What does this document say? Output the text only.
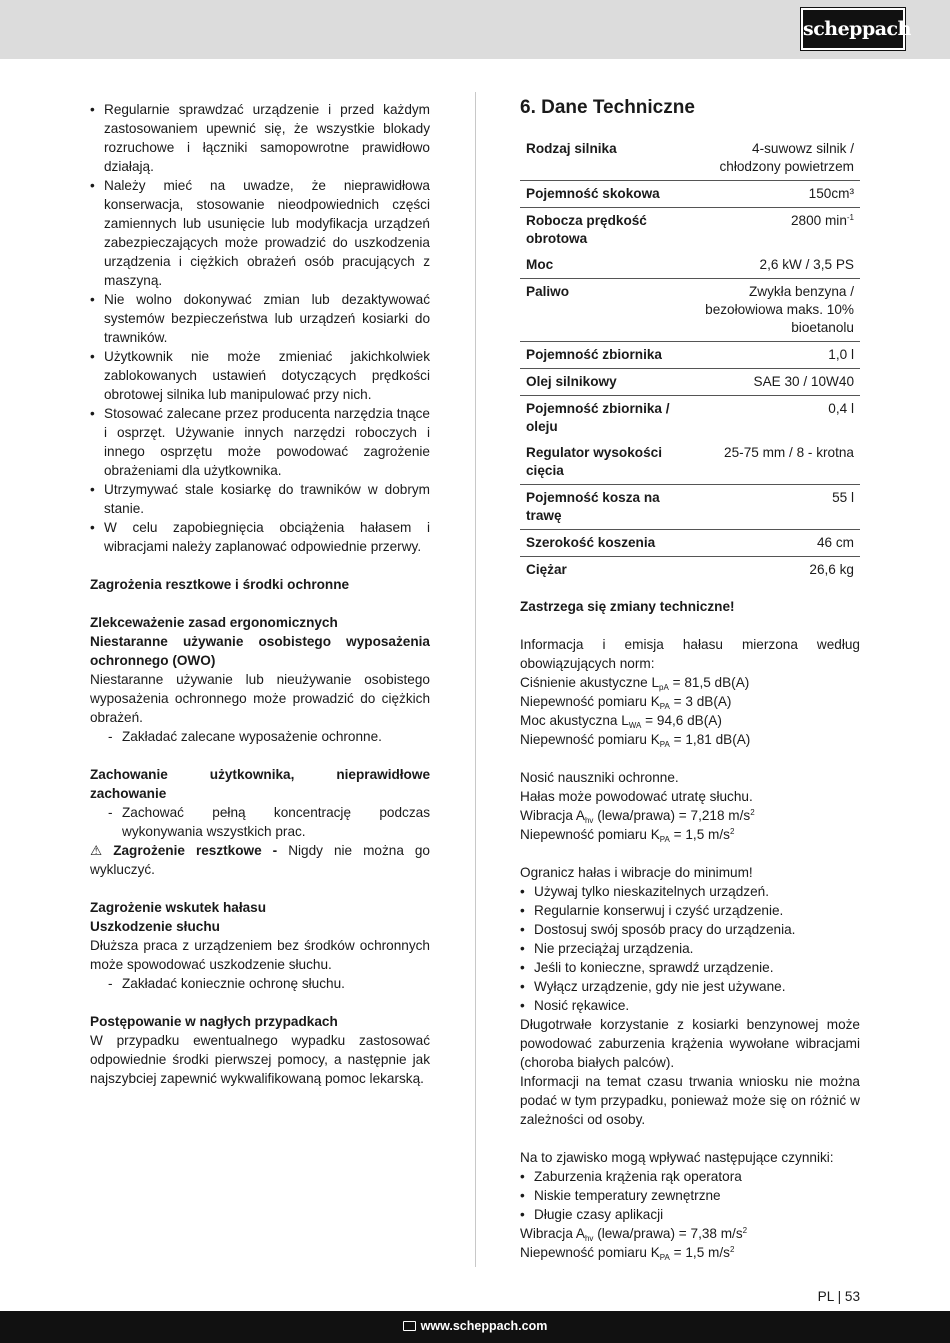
scheppach
• Regularnie sprawdzać urządzenie i przed każdym zastosowaniem upewnić się, że wszystkie blokady rozruchowe i łączniki samopowrotne prawidłowo działają.
• Należy mieć na uwadze, że nieprawidłowa konserwacja, stosowanie nieodpowiednich części zamiennych lub usunięcie lub modyfikacja urządzeń zabezpieczających może prowadzić do uszkodzenia urządzenia i ciężkich obrażeń osób pracujących z maszyną.
• Nie wolno dokonywać zmian lub dezaktywować systemów bezpieczeństwa lub urządzeń kosiarki do trawników.
• Użytkownik nie może zmieniać jakichkolwiek zablokowanych ustawień dotyczących prędkości obrotowej silnika lub manipulować przy nich.
• Stosować zalecane przez producenta narzędzia tnące i osprzęt. Używanie innych narzędzi roboczych i innego osprzętu może powodować zagrożenie obrażeniami dla użytkownika.
• Utrzymywać stale kosiarkę do trawników w dobrym stanie.
• W celu zapobiegnięcia obciążenia hałasem i wibracjami należy zaplanować odpowiednie przerwy.

Zagrożenia resztkowe i środki ochronne

Zlekceważenie zasad ergonomicznych

Niestaranne używanie osobistego wyposażenia ochronnego (OWO)

Niestaranne używanie lub nieużywanie osobistego wyposażenia ochronnego może prowadzić do ciężkich obrażeń.

- Zakładać zalecane wyposażenie ochronne.

Zachowanie użytkownika, nieprawidłowe zachowanie

- Zachować pełną koncentrację podczas wykonywania wszystkich prac.

⚠ Zagrożenie resztkowe - Nigdy nie można go wykluczyć.

Zagrożenie wskutek hałasu

Uszkodzenie słuchu

Dłuższa praca z urządzeniem bez środków ochronnych może spowodować uszkodzenie słuchu.

- Zakładać koniecznie ochronę słuchu.

Postępowanie w nagłych przypadkach

W przypadku ewentualnego wypadku zastosować odpowiednie środki pierwszej pomocy, a następnie jak najszybciej zapewnić wykwalifikowaną pomoc lekarską.

6. Dane Techniczne
Rodzaj silnika	4-suwowz silnik / chłodzony powietrzem
Pojemność skokowa	150cm³
Robocza prędkość obrotowa	2800 $\min^{-1}$
Moc	2,6 kW / 3,5 PS
Paliwo	Zwykła benzyna / bezołowiowa maks. 10% bioetanolu
Pojemność zbiornika	1,0 l
Olej silnikowy	SAE 30 / 10W40
Pojemność zbiornika / oleju	0,4 l
Regulator wysokości cięcia	25-75 mm / 8 - krotna
Pojemność kosza na trawę	55 l
Szerokość koszenia	46 cm
Ciężar	26,6 kg

Zastrzega się zmiany techniczne!

Informacja i emisja hałasu mierzona według obowiązujących norm:

Ciśnienie akustyczne $L_{pA} = 81,5$ dB(A)

Niepewność pomiaru $K_{PA} = 3$ dB(A)

Moc akustyczna $L_{WA} = 94,6$ dB(A)

Niepewność pomiaru $K_{PA} = 1,81$ dB(A)

Nosić nauszniki ochronne.

Hałas może powodować utratę słuchu.

Wibracja $A_{hv}$ (lewa/prawa) = 7,218 $m/s^2$

Niepewność pomiaru $K_{PA} = 1,5$ $m/s^2$

Ogranicz hałas i wibracje do minimum!

• Używaj tylko nieskazitelnych urządzeń.
• Regularnie konserwuj i czyść urządzenie.
• Dostosuj swój sposób pracy do urządzenia.
• Nie przeciążaj urządzenia.
• Jeśli to konieczne, sprawdź urządzenie.
• Wyłącz urządzenie, gdy nie jest używane.
• Nosić rękawice.

Długotrwałe korzystanie z kosiarki benzynowej może powodować zaburzenia krążenia wywołane wibracjami (choroba białych palców).

Informacji na temat czasu trwania wniosku nie można podać w tym przypadku, ponieważ może się on różnić w zależności od osoby.

Na to zjawisko mogą wpływać następujące czynniki:

• Zaburzenia krążenia rąk operatora
• Niskie temperatury zewnętrzne
• Długie czasy aplikacji

Wibracja $A_{hv}$ (lewa/prawa) = 7,38 $m/s^2$

Niepewność pomiaru $K_{PA} = 1,5$ $m/s^2$

PL | 53
www.scheppach.com
